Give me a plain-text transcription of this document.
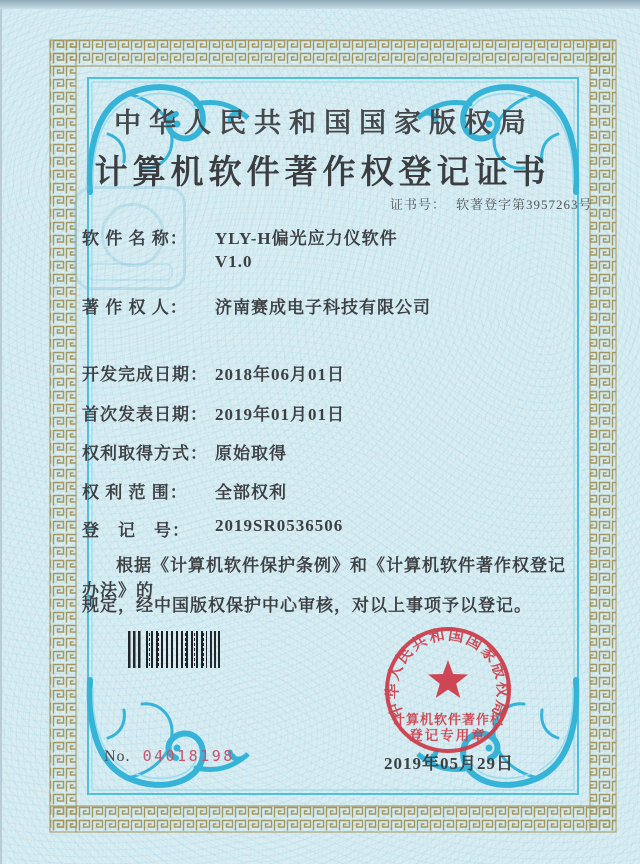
中华人民共和国国家版权局
计算机软件著作权登记证书
证书号： 软著登字第3957263号
软 件 名 称： YLY-H偏光应力仪软件
V1.0
著 作 权 人： 济南赛成电子科技有限公司
开发完成日期： 2018年06月01日
首次发表日期： 2019年01月01日
权利取得方式： 原始取得
权 利 范 围： 全部权利
登　记　号： 2019SR0536506
根据《计算机软件保护条例》和《计算机软件著作权登记办法》的
规定，经中国版权保护中心审核，对以上事项予以登记。
No. 04018198	2019年05月29日
中华人民共和国国家版权局
计算机软件著作权
登记专用章
